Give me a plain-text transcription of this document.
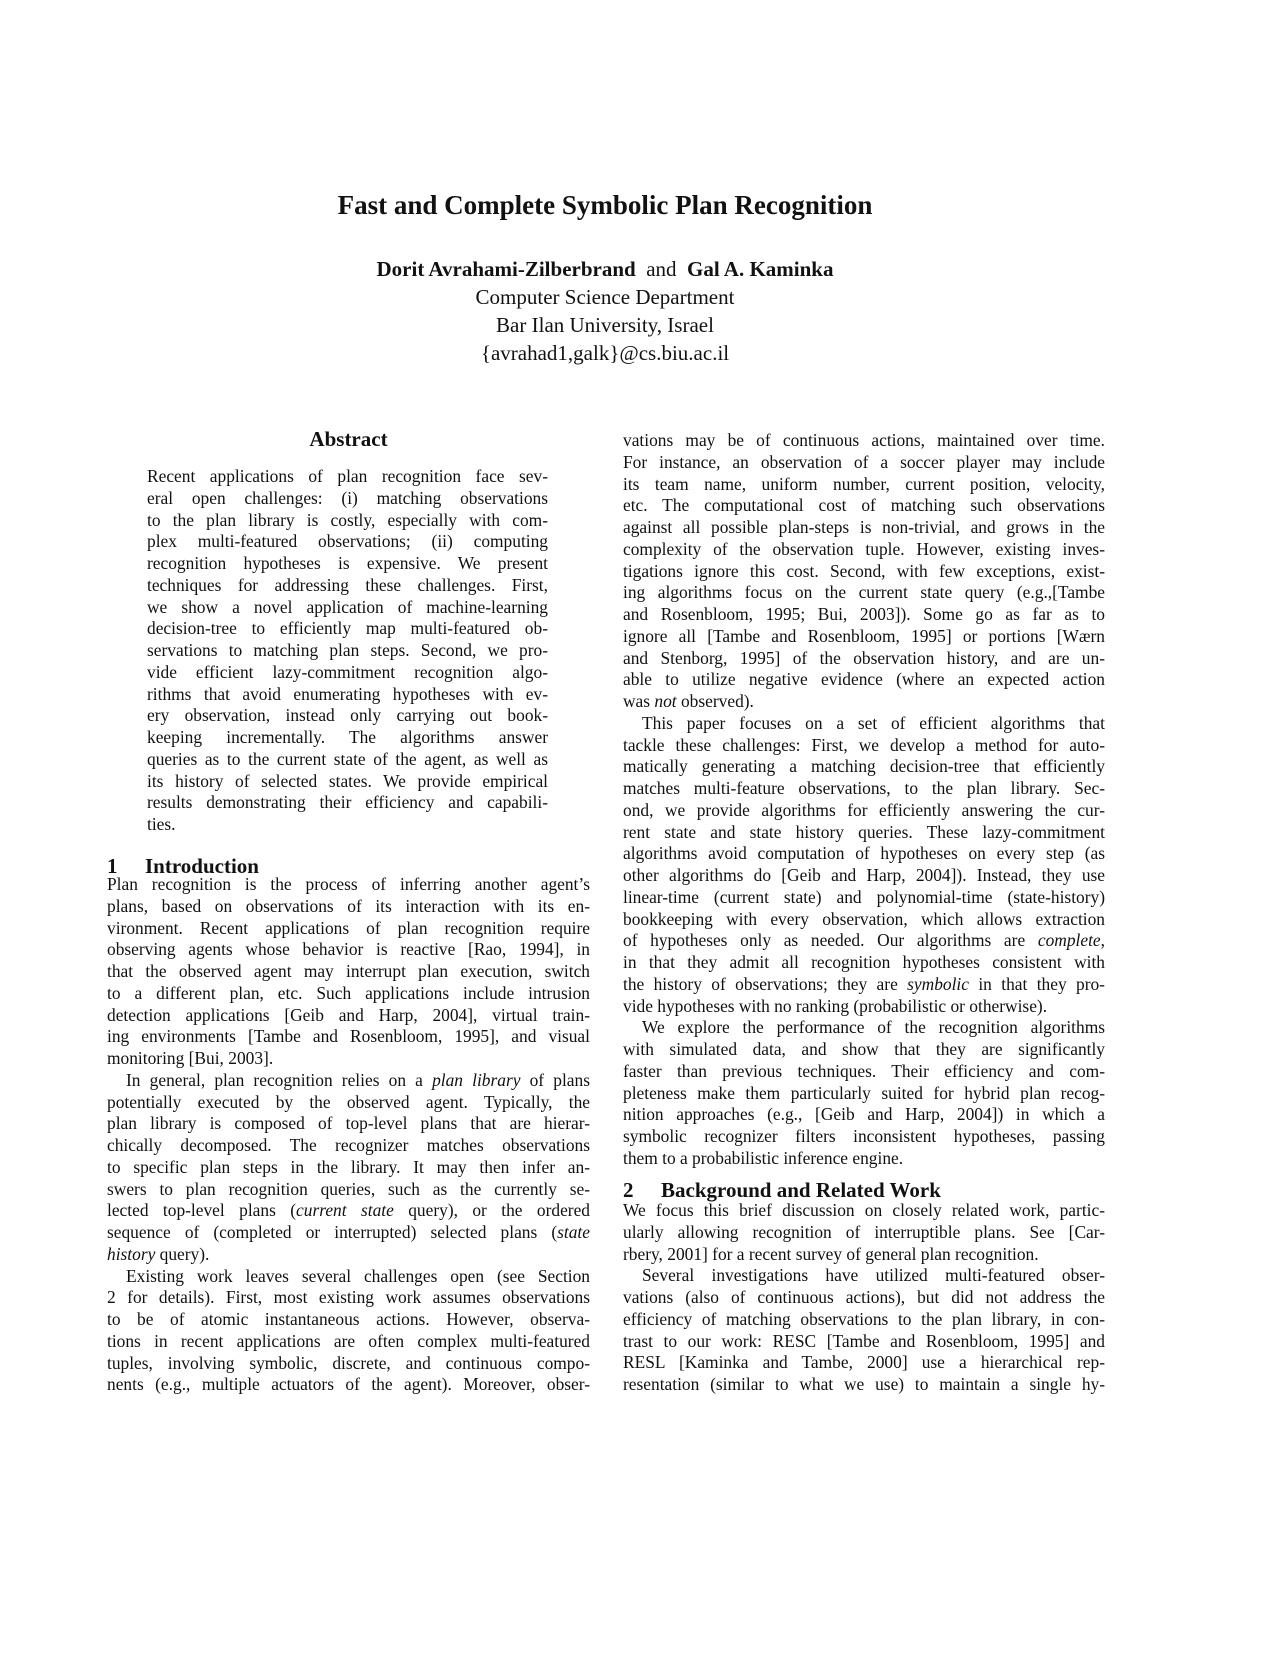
Fast and Complete Symbolic Plan Recognition
Dorit Avrahami-Zilberbrand and Gal A. Kaminka
Computer Science Department
Bar Ilan University, Israel
{avrahad1,galk}@cs.biu.ac.il
Abstract
Recent applications of plan recognition face sev-
eral open challenges: (i) matching observations
to the plan library is costly, especially with com-
plex multi-featured observations; (ii) computing
recognition hypotheses is expensive. We present
techniques for addressing these challenges. First,
we show a novel application of machine-learning
decision-tree to efficiently map multi-featured ob-
servations to matching plan steps. Second, we pro-
vide efficient lazy-commitment recognition algo-
rithms that avoid enumerating hypotheses with ev-
ery observation, instead only carrying out book-
keeping incrementally. The algorithms answer
queries as to the current state of the agent, as well as
its history of selected states. We provide empirical
results demonstrating their efficiency and capabili-
ties.
1 Introduction
Plan recognition is the process of inferring another agent’s
plans, based on observations of its interaction with its en-
vironment. Recent applications of plan recognition require
observing agents whose behavior is reactive [Rao, 1994], in
that the observed agent may interrupt plan execution, switch
to a different plan, etc. Such applications include intrusion
detection applications [Geib and Harp, 2004], virtual train-
ing environments [Tambe and Rosenbloom, 1995], and visual
monitoring [Bui, 2003].
In general, plan recognition relies on a plan library of plans
potentially executed by the observed agent. Typically, the
plan library is composed of top-level plans that are hierar-
chically decomposed. The recognizer matches observations
to specific plan steps in the library. It may then infer an-
swers to plan recognition queries, such as the currently se-
lected top-level plans (current state query), or the ordered
sequence of (completed or interrupted) selected plans (state
history query).
Existing work leaves several challenges open (see Section
2 for details). First, most existing work assumes observations
to be of atomic instantaneous actions. However, observa-
tions in recent applications are often complex multi-featured
tuples, involving symbolic, discrete, and continuous compo-
nents (e.g., multiple actuators of the agent). Moreover, obser-
vations may be of continuous actions, maintained over time.
For instance, an observation of a soccer player may include
its team name, uniform number, current position, velocity,
etc. The computational cost of matching such observations
against all possible plan-steps is non-trivial, and grows in the
complexity of the observation tuple. However, existing inves-
tigations ignore this cost. Second, with few exceptions, exist-
ing algorithms focus on the current state query (e.g.,[Tambe
and Rosenbloom, 1995; Bui, 2003]). Some go as far as to
ignore all [Tambe and Rosenbloom, 1995] or portions [Wærn
and Stenborg, 1995] of the observation history, and are un-
able to utilize negative evidence (where an expected action
was not observed).
This paper focuses on a set of efficient algorithms that
tackle these challenges: First, we develop a method for auto-
matically generating a matching decision-tree that efficiently
matches multi-feature observations, to the plan library. Sec-
ond, we provide algorithms for efficiently answering the cur-
rent state and state history queries. These lazy-commitment
algorithms avoid computation of hypotheses on every step (as
other algorithms do [Geib and Harp, 2004]). Instead, they use
linear-time (current state) and polynomial-time (state-history)
bookkeeping with every observation, which allows extraction
of hypotheses only as needed. Our algorithms are complete,
in that they admit all recognition hypotheses consistent with
the history of observations; they are symbolic in that they pro-
vide hypotheses with no ranking (probabilistic or otherwise).
We explore the performance of the recognition algorithms
with simulated data, and show that they are significantly
faster than previous techniques. Their efficiency and com-
pleteness make them particularly suited for hybrid plan recog-
nition approaches (e.g., [Geib and Harp, 2004]) in which a
symbolic recognizer filters inconsistent hypotheses, passing
them to a probabilistic inference engine.
2 Background and Related Work
We focus this brief discussion on closely related work, partic-
ularly allowing recognition of interruptible plans. See [Car-
rbery, 2001] for a recent survey of general plan recognition.
Several investigations have utilized multi-featured obser-
vations (also of continuous actions), but did not address the
efficiency of matching observations to the plan library, in con-
trast to our work: RESC [Tambe and Rosenbloom, 1995] and
RESL [Kaminka and Tambe, 2000] use a hierarchical rep-
resentation (similar to what we use) to maintain a single hy-
